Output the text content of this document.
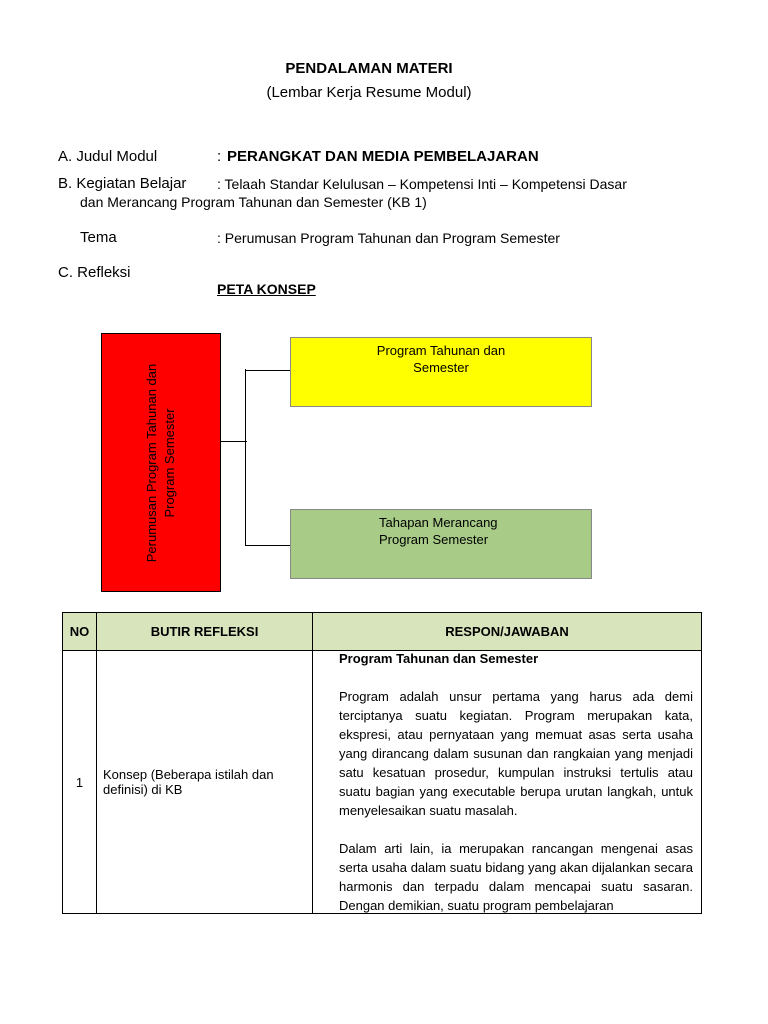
PENDALAMAN MATERI
(Lembar Kerja Resume Modul)
A. Judul Modul	: PERANGKAT DAN MEDIA PEMBELAJARAN
B. Kegiatan Belajar : Telaah Standar Kelulusan – Kompetensi Inti – Kompetensi Dasar
dan Merancang Program Tahunan dan Semester (KB 1)
Tema	: Perumusan Program Tahunan dan Program Semester
C. Refleksi
PETA KONSEP
Perumusan Program Tahunan dan Program Semester
Program Tahunan dan
Semester
Tahapan Merancang
Program Semester
NO	BUTIR REFLEKSI	RESPON/JAWABAN
1	Konsep (Beberapa istilah dan definisi) di KB	Program Tahunan dan Semester

Program adalah unsur pertama yang harus ada demi terciptanya suatu kegiatan. Program merupakan kata, ekspresi, atau pernyataan yang memuat asas serta usaha yang dirancang dalam susunan dan rangkaian yang menjadi satu kesatuan prosedur, kumpulan instruksi tertulis atau suatu bagian yang executable berupa urutan langkah, untuk menyelesaikan suatu masalah.

Dalam arti lain, ia merupakan rancangan mengenai asas serta usaha dalam suatu bidang yang akan dijalankan secara harmonis dan terpadu dalam mencapai suatu sasaran. Dengan demikian, suatu program pembelajaran
